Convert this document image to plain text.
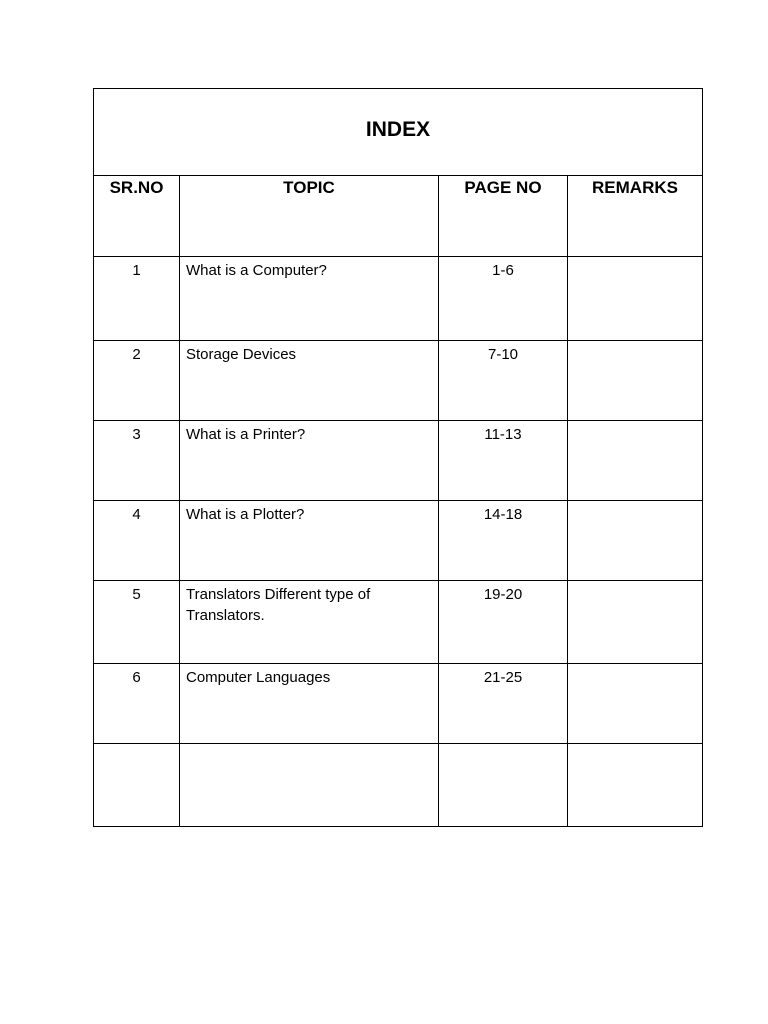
INDEX			
SR.NO	TOPIC	PAGE NO	REMARKS
1	What is a Computer?	1-6	
2	Storage Devices	7-10	
3	What is a Printer?	11-13	
4	What is a Plotter?	14-18	
5	Translators Different type of Translators.	19-20	
6	Computer Languages	21-25	
